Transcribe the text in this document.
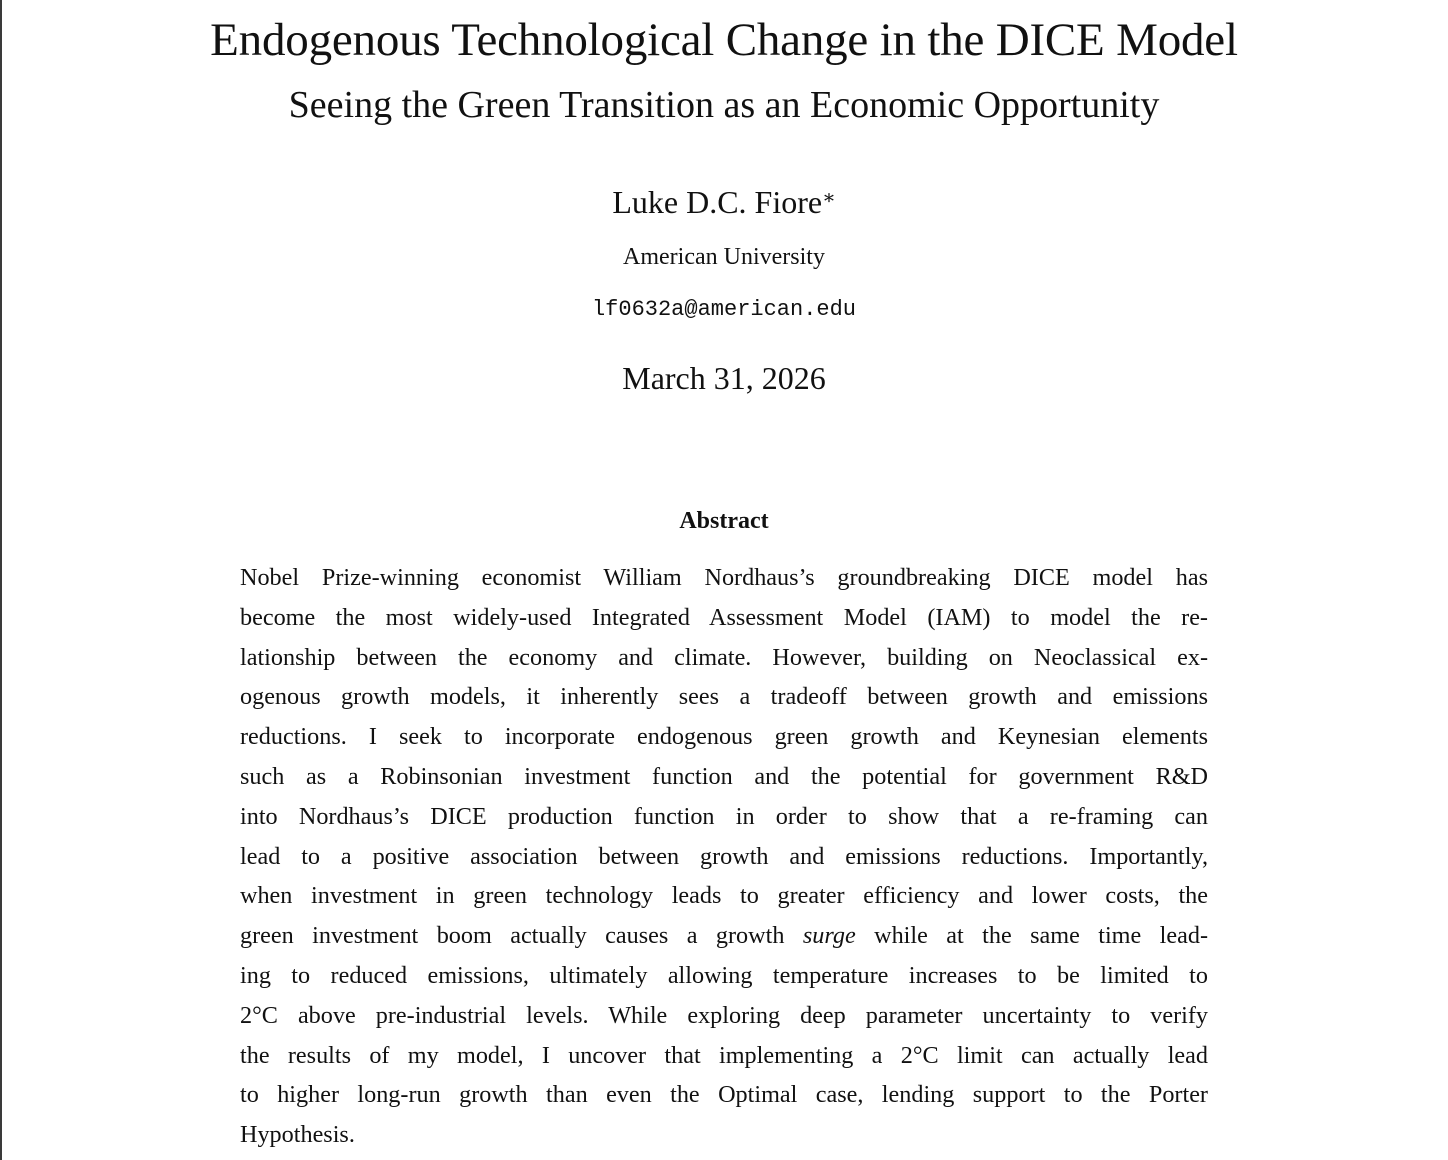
Endogenous Technological Change in the DICE Model
Seeing the Green Transition as an Economic Opportunity
Luke D.C. Fiore∗
American University
lf0632a@american.edu
March 31, 2026
Abstract
Nobel Prize-winning economist William Nordhaus’s groundbreaking DICE model has
become the most widely-used Integrated Assessment Model (IAM) to model the re-
lationship between the economy and climate. However, building on Neoclassical ex-
ogenous growth models, it inherently sees a tradeoff between growth and emissions
reductions. I seek to incorporate endogenous green growth and Keynesian elements
such as a Robinsonian investment function and the potential for government R&D
into Nordhaus’s DICE production function in order to show that a re-framing can
lead to a positive association between growth and emissions reductions. Importantly,
when investment in green technology leads to greater efficiency and lower costs, the
green investment boom actually causes a growth surge while at the same time lead-
ing to reduced emissions, ultimately allowing temperature increases to be limited to
2°C above pre-industrial levels. While exploring deep parameter uncertainty to verify
the results of my model, I uncover that implementing a 2°C limit can actually lead
to higher long-run growth than even the Optimal case, lending support to the Porter
Hypothesis.
